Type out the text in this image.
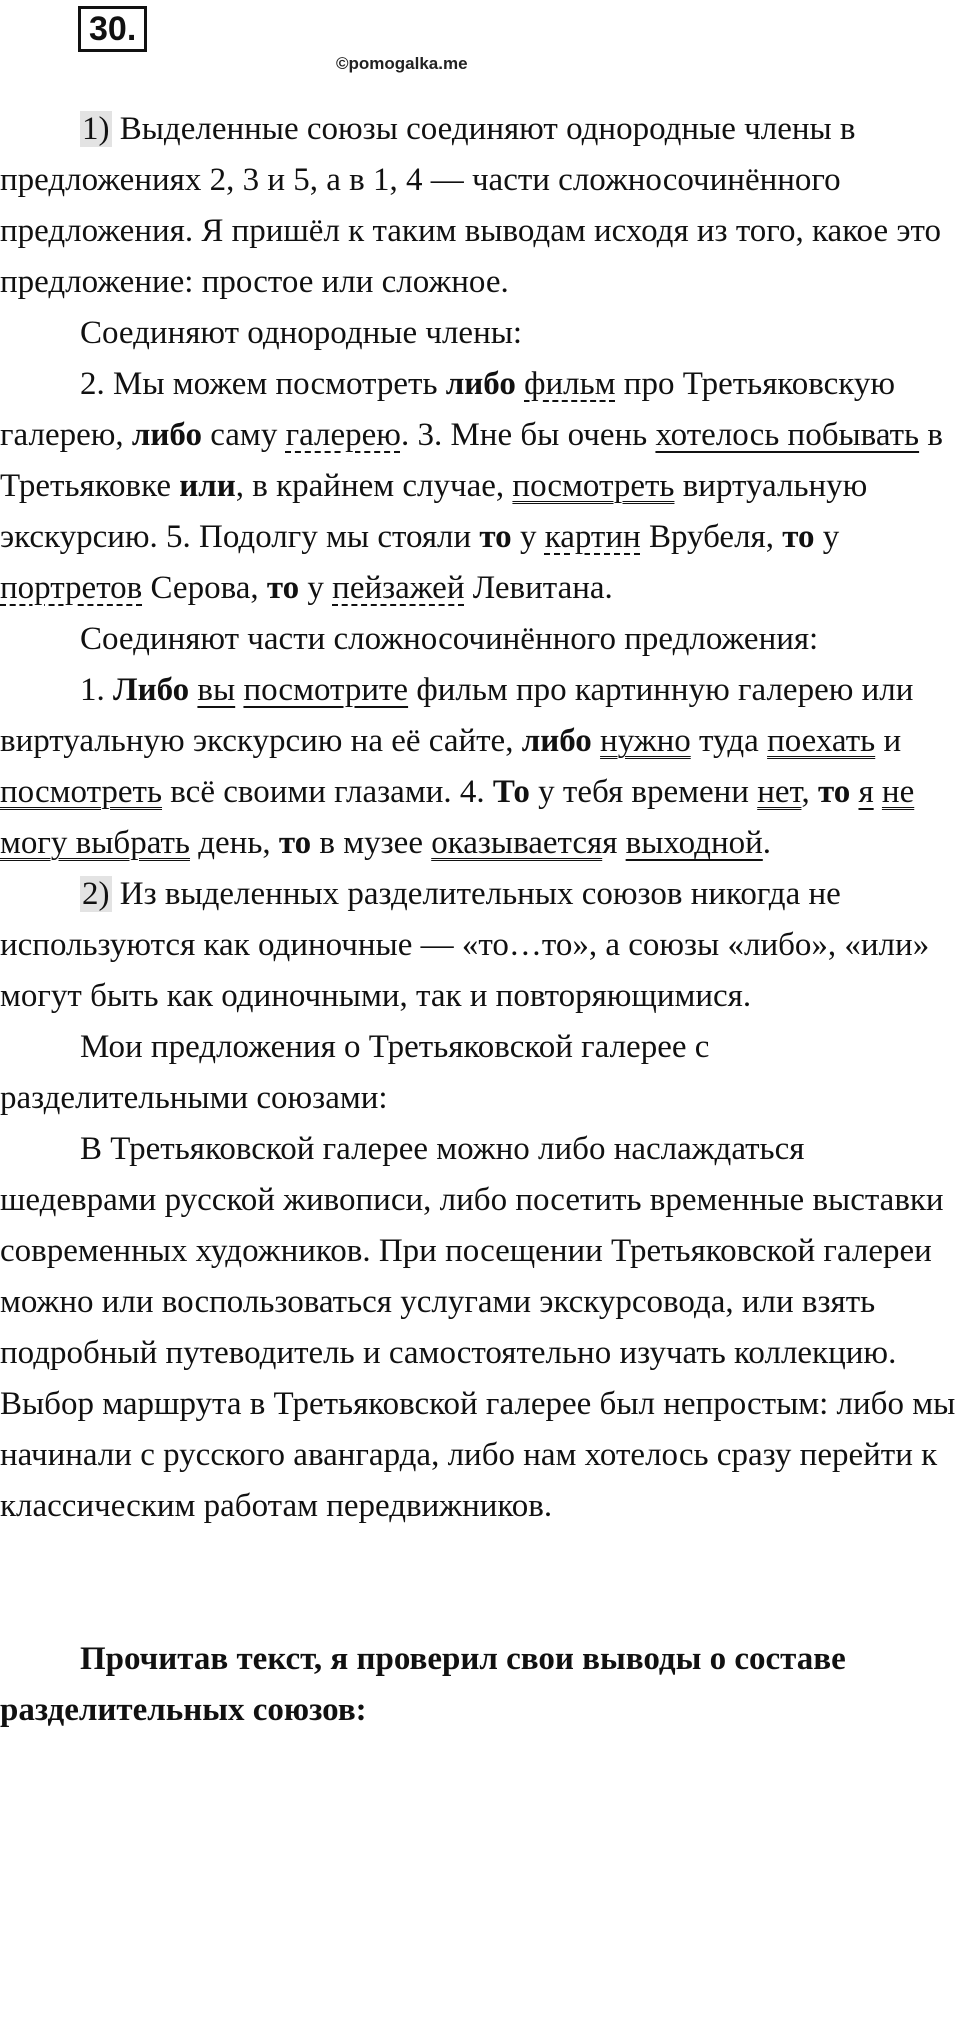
30.
©pomogalka.me

1) Выделенные союзы соединяют однородные члены в предложениях 2, 3 и 5, а в 1, 4 — части сложносочинённого предложения. Я пришёл к таким выводам исходя из того, какое это предложение: простое или сложное.

Соединяют однородные члены:

2. Мы можем посмотреть либо фильм про Третьяковскую галерею, либо саму галерею. 3. Мне бы очень хотелось побывать в Третьяковке или, в крайнем случае, посмотреть виртуальную экскурсию. 5. Подолгу мы стояли то у картин Врубеля, то у портретов Серова, то у пейзажей Левитана.

Соединяют части сложносочинённого предложения:

1. Либо вы посмотрите фильм про картинную галерею или виртуальную экскурсию на её сайте, либо нужно туда поехать и посмотреть всё своими глазами. 4. То у тебя времени нет, то я не могу выбрать день, то в музее оказываетсяя выходной.

2) Из выделенных разделительных союзов никогда не используются как одиночные — «то…то», а союзы «либо», «или» могут быть как одиночными, так и повторяющимися.

Мои предложения о Третьяковской галерее с разделительными союзами:

В Третьяковской галерее можно либо наслаждаться шедеврами русской живописи, либо посетить временные выставки современных художников. При посещении Третьяковской галереи можно или воспользоваться услугами экскурсовода, или взять подробный путеводитель и самостоятельно изучать коллекцию.

Выбор маршрута в Третьяковской галерее был непростым: либо мы начинали с русского авангарда, либо нам хотелось сразу перейти к классическим работам передвижников.

Прочитав текст, я проверил свои выводы о составе разделительных союзов:
